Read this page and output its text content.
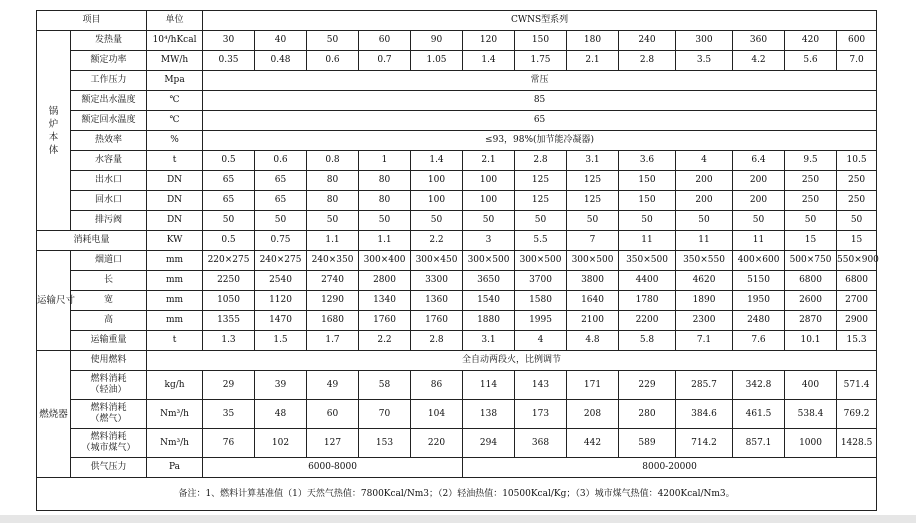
项目		单位	CWNS型系列												
锅
炉
本
体	发热量	10⁴/hKcal	30	40	50	60	90	120	150	180	240	300	360	420	600
	额定功率	MW/h	0.35	0.48	0.6	0.7	1.05	1.4	1.75	2.1	2.8	3.5	4.2	5.6	7.0
	工作压力	Mpa	常压												
	额定出水温度	℃	85												
	额定回水温度	℃	65												
	热效率	%	≤93，98%(加节能冷凝器)												
	水容量	t	0.5	0.6	0.8	1	1.4	2.1	2.8	3.1	3.6	4	6.4	9.5	10.5
	出水口	DN	65	65	80	80	100	100	125	125	150	200	200	250	250
	回水口	DN	65	65	80	80	100	100	125	125	150	200	200	250	250
	排污阀	DN	50	50	50	50	50	50	50	50	50	50	50	50	50
消耗电量		KW	0.5	0.75	1.1	1.1	2.2	3	5.5	7	11	11	11	15	15
运输尺寸	烟道口	mm	220×275	240×275	240×350	300×400	300×450	300×500	300×500	300×500	350×500	350×550	400×600	500×750	550×900
	长	mm	2250	2540	2740	2800	3300	3650	3700	3800	4400	4620	5150	6800	6800
	宽	mm	1050	1120	1290	1340	1360	1540	1580	1640	1780	1890	1950	2600	2700
	高	mm	1355	1470	1680	1760	1760	1880	1995	2100	2200	2300	2480	2870	2900
	运输重量	t	1.3	1.5	1.7	2.2	2.8	3.1	4	4.8	5.8	7.1	7.6	10.1	15.3
燃烧器	使用燃料	全自动两段火，比例调节													
	燃料消耗
（轻油）	kg/h	29	39	49	58	86	114	143	171	229	285.7	342.8	400	571.4
	燃料消耗
（燃气）	Nm³/h	35	48	60	70	104	138	173	208	280	384.6	461.5	538.4	769.2
	燃料消耗
（城市煤气）	Nm³/h	76	102	127	153	220	294	368	442	589	714.2	857.1	1000	1428.5
	供气压力	Pa	6000-8000					8000-20000							
备注：1、燃料计算基准值（1）天然气热值：7800Kcal/Nm3；（2）轻油热值：10500Kcal/Kg；（3）城市煤气热值：4200Kcal/Nm3。															
